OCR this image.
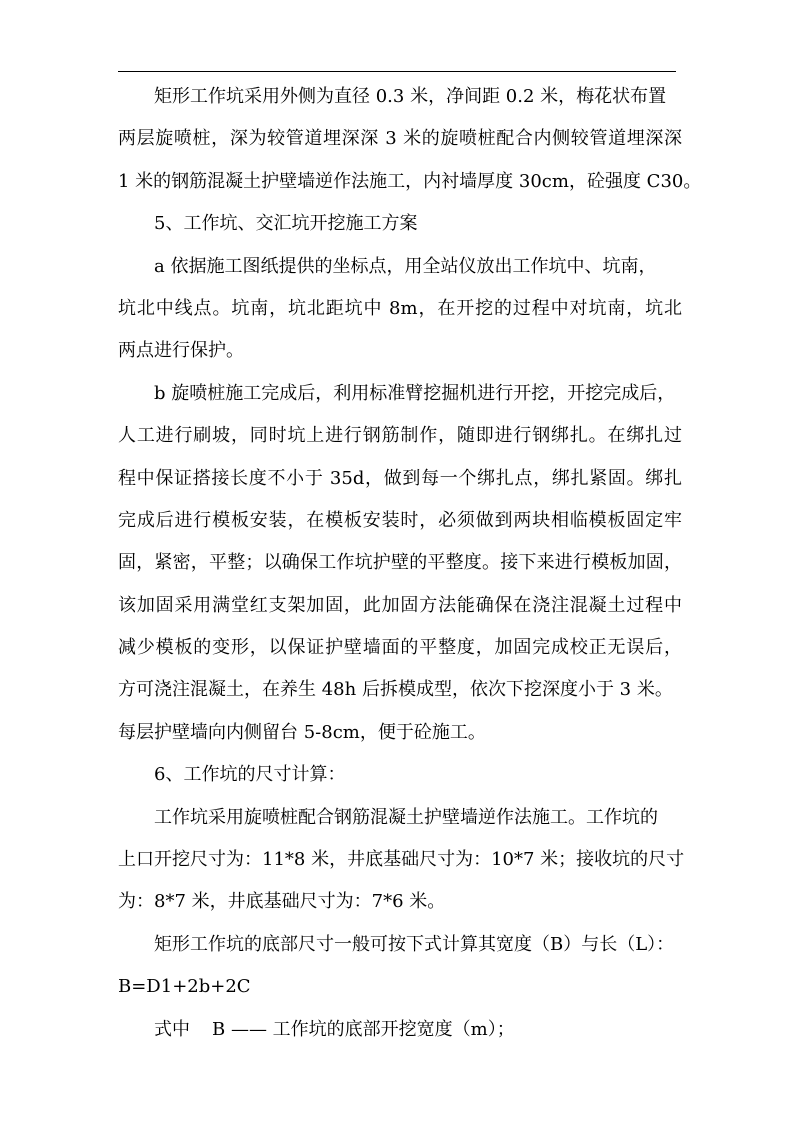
矩形工作坑采用外侧为直径 0.3 米，净间距 0.2 米，梅花状布置
两层旋喷桩，深为较管道埋深深 3 米的旋喷桩配合内侧较管道埋深深
1 米的钢筋混凝土护壁墙逆作法施工，内衬墙厚度 30cm，砼强度 C30。
5、工作坑、交汇坑开挖施工方案
a 依据施工图纸提供的坐标点，用全站仪放出工作坑中、坑南，
坑北中线点。坑南，坑北距坑中 8m，在开挖的过程中对坑南，坑北
两点进行保护。
b 旋喷桩施工完成后，利用标准臂挖掘机进行开挖，开挖完成后，
人工进行刷坡，同时坑上进行钢筋制作，随即进行钢绑扎。在绑扎过
程中保证搭接长度不小于 35d，做到每一个绑扎点，绑扎紧固。绑扎
完成后进行模板安装，在模板安装时，必须做到两块相临模板固定牢
固，紧密，平整；以确保工作坑护壁的平整度。接下来进行模板加固，
该加固采用满堂红支架加固，此加固方法能确保在浇注混凝土过程中
减少模板的变形，以保证护壁墙面的平整度，加固完成校正无误后，
方可浇注混凝土，在养生 48h 后拆模成型，依次下挖深度小于 3 米。
每层护壁墙向内侧留台 5-8cm，便于砼施工。
6、工作坑的尺寸计算：
工作坑采用旋喷桩配合钢筋混凝土护壁墙逆作法施工。工作坑的
上口开挖尺寸为：11*8 米，井底基础尺寸为：10*7 米；接收坑的尺寸
为：8*7 米，井底基础尺寸为：7*6 米。
矩形工作坑的底部尺寸一般可按下式计算其宽度（B）与长（L）：
B=D1+2b+2C
式中 B —— 工作坑的底部开挖宽度（m）；
